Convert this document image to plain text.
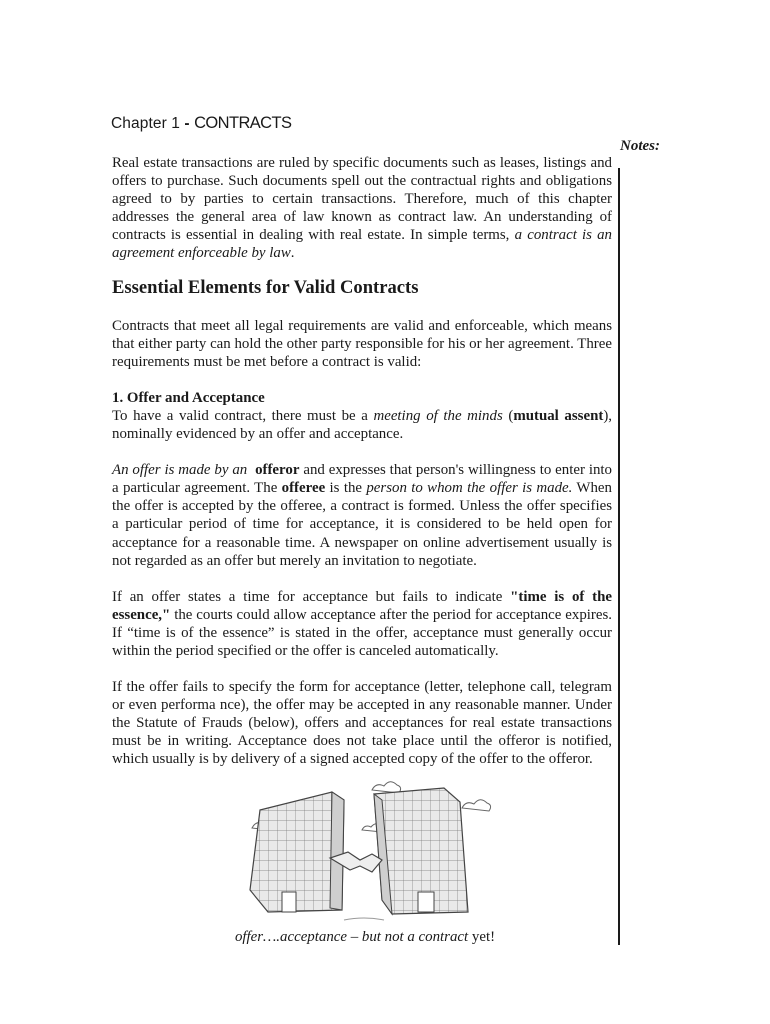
Chapter 1 - CONTRACTS
Notes:

Real estate transactions are ruled by specific documents such as leases, listings and offers to purchase. Such documents spell out the contractual rights and obligations agreed to by parties to certain transactions. Therefore, much of this chapter addresses the general area of law known as contract law. An understanding of contracts is essential in dealing with real estate. In simple terms, a contract is an agreement enforceable by law.

Essential Elements for Valid Contracts

Contracts that meet all legal requirements are valid and enforceable, which means that either party can hold the other party responsible for his or her agreement. Three requirements must be met before a contract is valid:

1. Offer and Acceptance

To have a valid contract, there must be a meeting of the minds (mutual assent), nominally evidenced by an offer and acceptance.

An offer is made by an offeror and expresses that person's willingness to enter into a particular agreement. The offeree is the person to whom the offer is made. When the offer is accepted by the offeree, a contract is formed. Unless the offer specifies a particular period of time for acceptance, it is considered to be held open for acceptance for a reasonable time. A newspaper on online advertisement usually is not regarded as an offer but merely an invitation to negotiate.

If an offer states a time for acceptance but fails to indicate "time is of the essence," the courts could allow acceptance after the period for acceptance expires. If “time is of the essence” is stated in the offer, acceptance must generally occur within the period specified or the offer is canceled automatically.

If the offer fails to specify the form for acceptance (letter, telephone call, telegram or even performa nce), the offer may be accepted in any reasonable manner. Under the Statute of Frauds (below), offers and acceptances for real estate transactions must be in writing. Acceptance does not take place until the offeror is notified, which usually is by delivery of a signed accepted copy of the offer to the offeror.

offer….acceptance – but not a contract yet!
